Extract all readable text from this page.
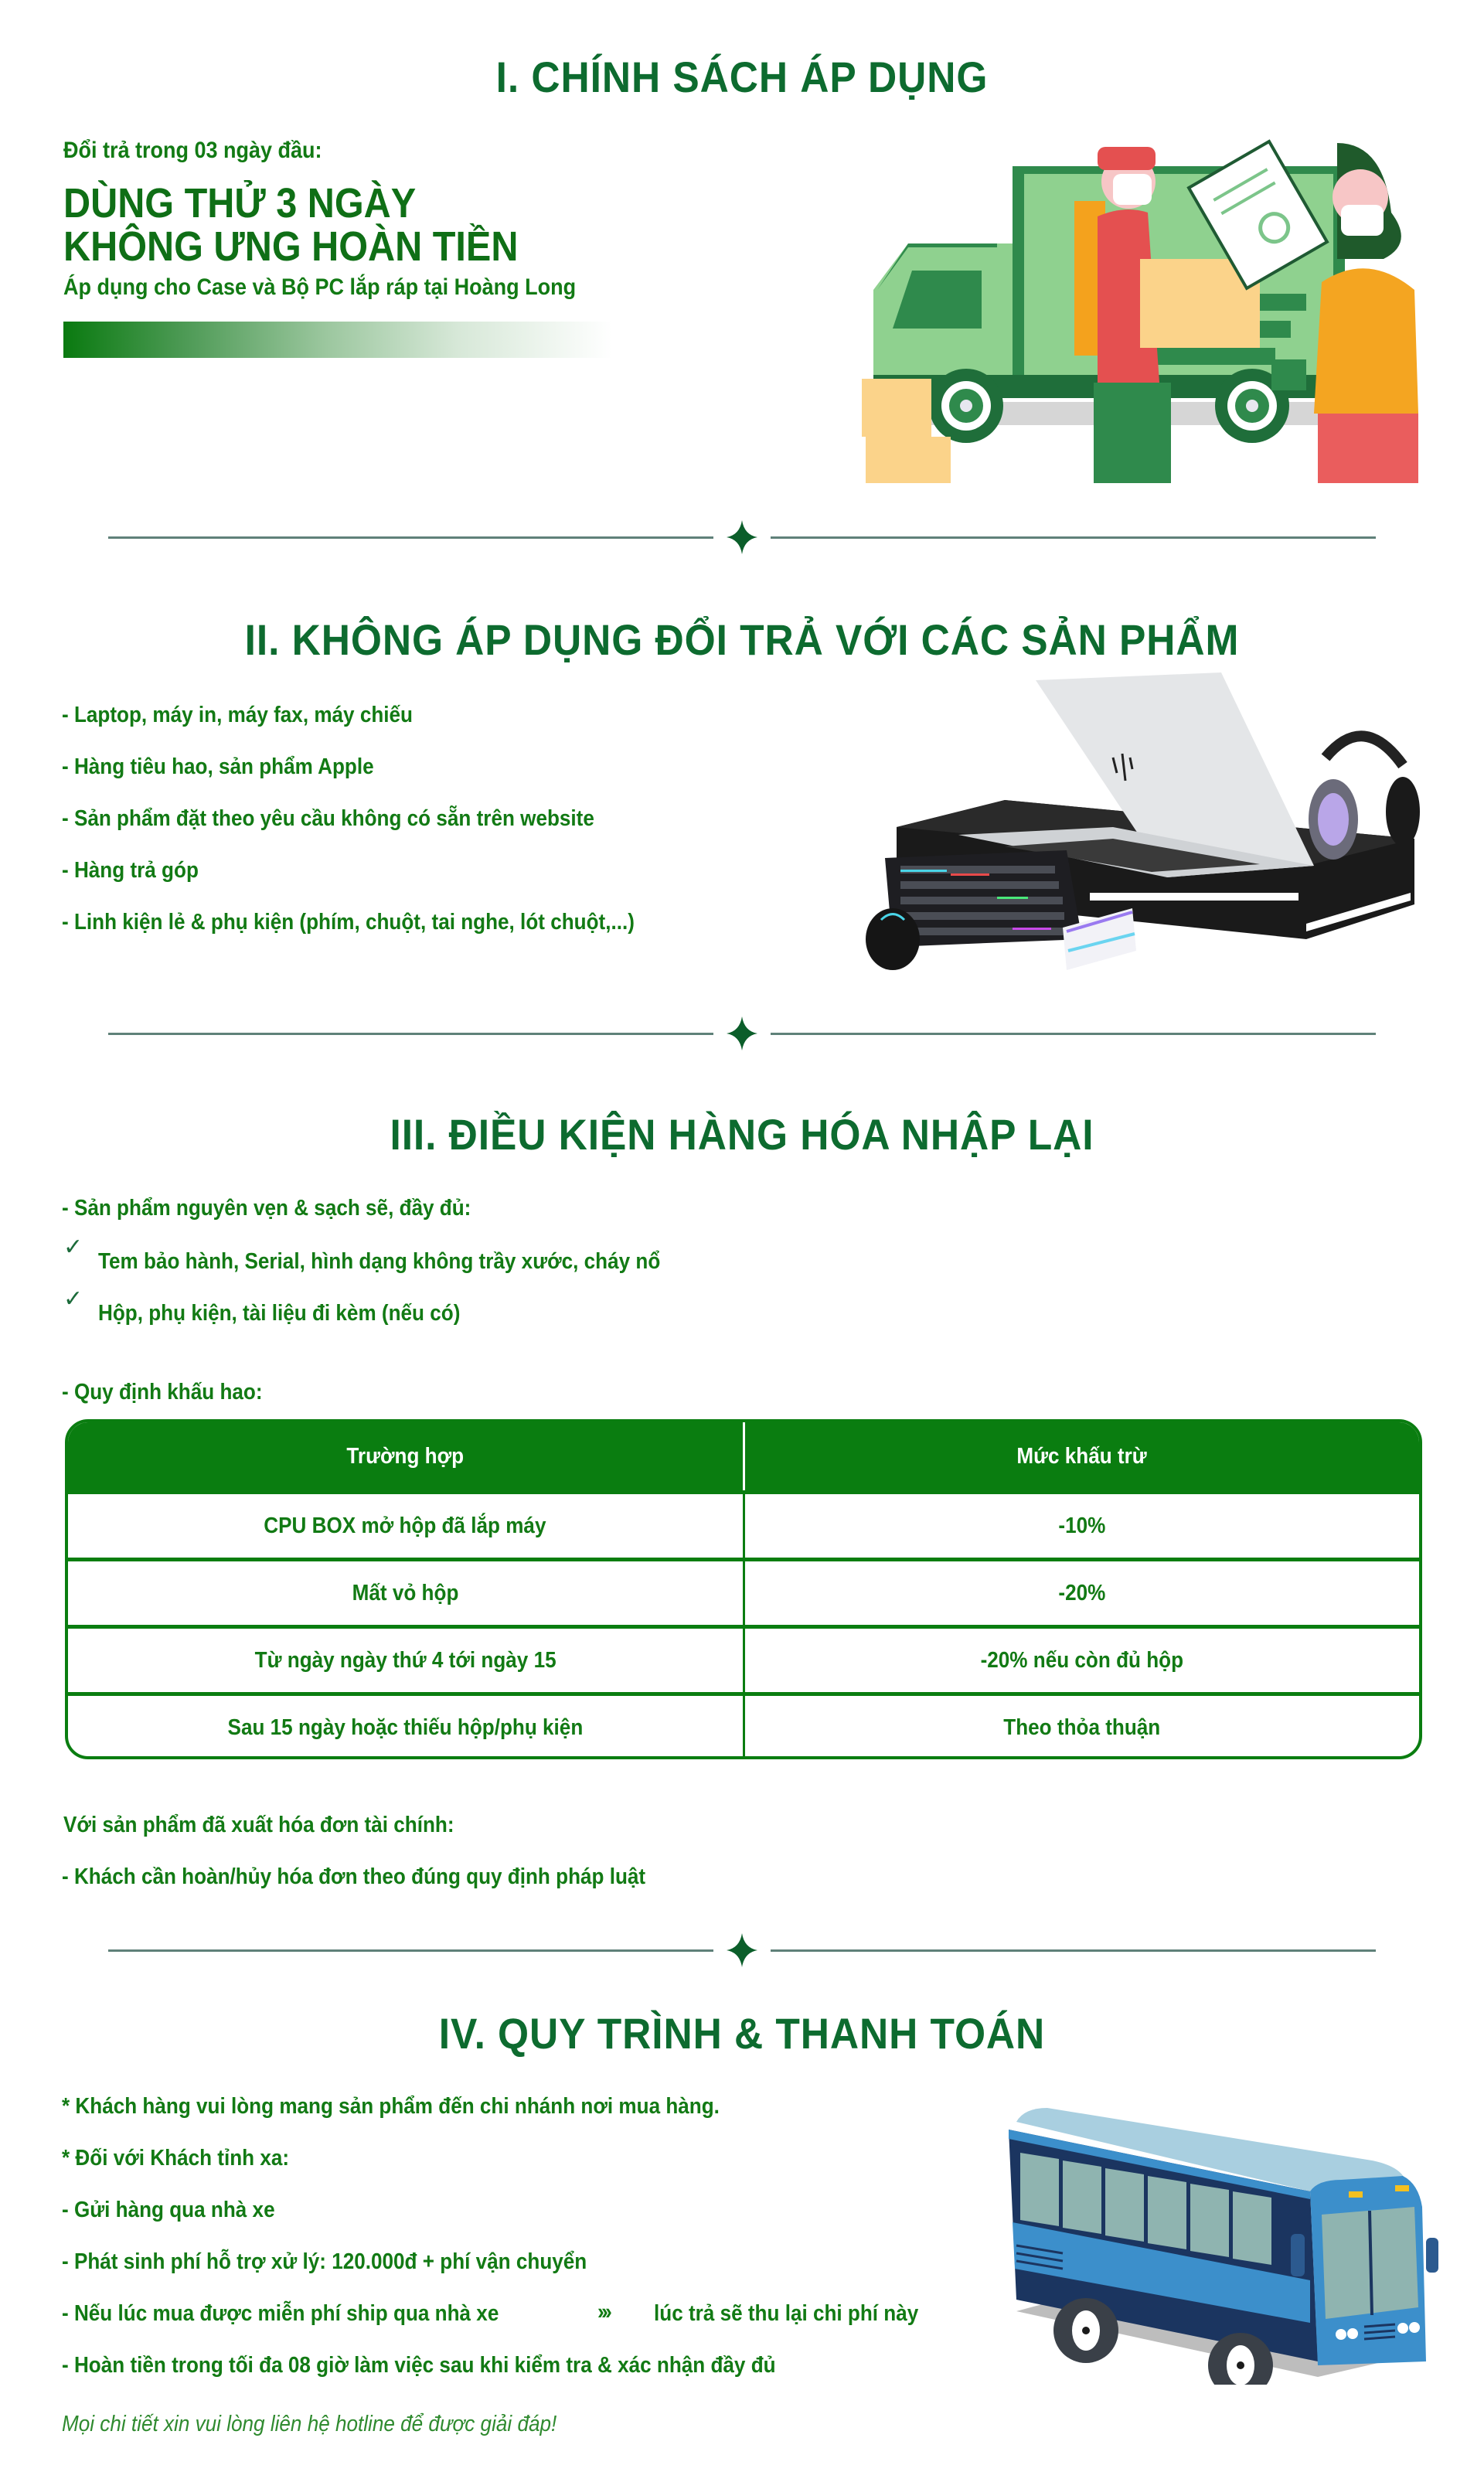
I. CHÍNH SÁCH ÁP DỤNG
Đổi trả trong 03 ngày đầu:
DÙNG THỬ 3 NGÀY
KHÔNG ƯNG HOÀN TIỀN
Áp dụng cho Case và Bộ PC lắp ráp tại Hoàng Long
II. KHÔNG ÁP DỤNG ĐỔI TRẢ VỚI CÁC SẢN PHẨM
- Laptop, máy in, máy fax, máy chiếu
- Hàng tiêu hao, sản phẩm Apple
- Sản phẩm đặt theo yêu cầu không có sẵn trên website
- Hàng trả góp
- Linh kiện lẻ & phụ kiện (phím, chuột, tai nghe, lót chuột,...)
III. ĐIỀU KIỆN HÀNG HÓA NHẬP LẠI
- Sản phẩm nguyên vẹn & sạch sẽ, đầy đủ:
✓
Tem bảo hành, Serial, hình dạng không trầy xước, cháy nổ
✓
Hộp, phụ kiện, tài liệu đi kèm (nếu có)
- Quy định khấu hao:
Trường hợp	Mức khấu trừ
CPU BOX mở hộp đã lắp máy	-10%
Mất vỏ hộp	-20%
Từ ngày ngày thứ 4 tới ngày 15	-20% nếu còn đủ hộp
Sau 15 ngày hoặc thiếu hộp/phụ kiện	Theo thỏa thuận
Với sản phẩm đã xuất hóa đơn tài chính:
- Khách cần hoàn/hủy hóa đơn theo đúng quy định pháp luật
IV. QUY TRÌNH & THANH TOÁN
* Khách hàng vui lòng mang sản phẩm đến chi nhánh nơi mua hàng.
* Đối với Khách tỉnh xa:
- Gửi hàng qua nhà xe
- Phát sinh phí hỗ trợ xử lý: 120.000đ + phí vận chuyển
- Nếu lúc mua được miễn phí ship qua nhà xe	››› lúc trả sẽ thu lại chi phí này
- Hoàn tiền trong tối đa 08 giờ làm việc sau khi kiểm tra & xác nhận đầy đủ
Mọi chi tiết xin vui lòng liên hệ hotline để được giải đáp!
